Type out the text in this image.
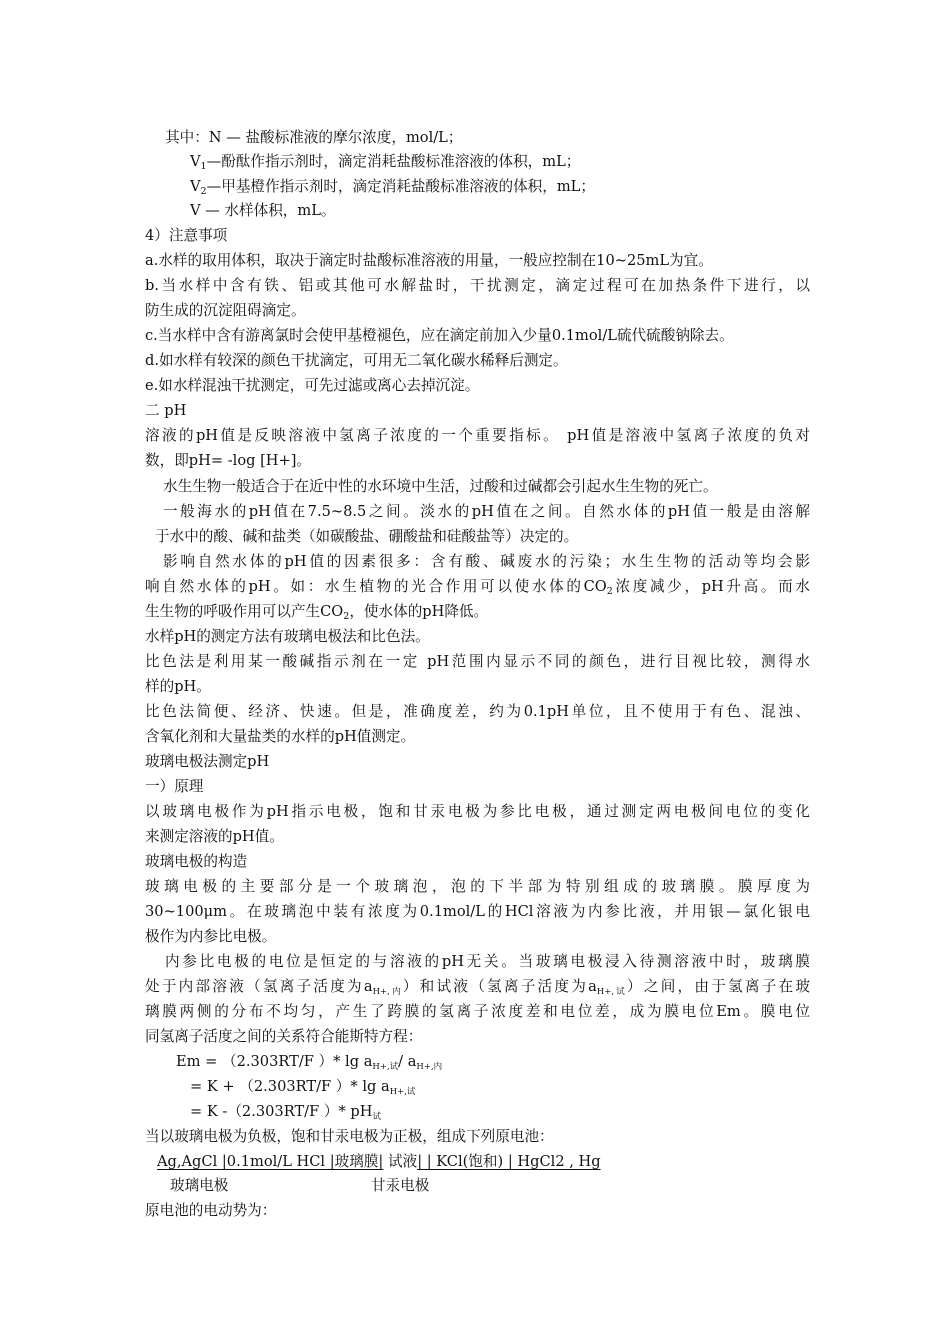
其中：N — 盐酸标准液的摩尔浓度，mol/L；
$V_1—$酚酞作指示剂时，滴定消耗盐酸标准溶液的体积，mL；
$V_2—$甲基橙作指示剂时，滴定消耗盐酸标准溶液的体积，mL；
V — 水样体积，mL。
4）注意事项
a.水样的取用体积，取决于滴定时盐酸标准溶液的用量，一般应控制在10~25mL为宜。
b.当水样中含有铁、铝或其他可水解盐时，干扰测定，滴定过程可在加热条件下进行，以
防生成的沉淀阻碍滴定。
c.当水样中含有游离氯时会使甲基橙褪色，应在滴定前加入少量0.1mol/L硫代硫酸钠除去。
d.如水样有较深的颜色干扰滴定，可用无二氧化碳水稀释后测定。
e.如水样混浊干扰测定，可先过滤或离心去掉沉淀。
二 pH
溶液的pH值是反映溶液中氢离子浓度的一个重要指标。 pH值是溶液中氢离子浓度的负对
数，即pH= -log [H+]。
水生生物一般适合于在近中性的水环境中生活，过酸和过碱都会引起水生生物的死亡。
一般海水的pH值在7.5~8.5之间。淡水的pH值在之间。自然水体的pH值一般是由溶解
于水中的酸、碱和盐类（如碳酸盐、硼酸盐和硅酸盐等）决定的。
影响自然水体的pH值的因素很多：含有酸、碱废水的污染；水生生物的活动等均会影
响自然水体的pH。如：水生植物的光合作用可以使水体的$CO_2$浓度减少，pH升高。而水
生生物的呼吸作用可以产生$CO_2$，使水体的pH降低。
水样pH的测定方法有玻璃电极法和比色法。
比色法是利用某一酸碱指示剂在一定 pH范围内显示不同的颜色，进行目视比较，测得水
样的pH。
比色法简便、经济、快速。但是，准确度差，约为0.1pH单位，且不使用于有色、混浊、
含氧化剂和大量盐类的水样的pH值测定。
玻璃电极法测定pH
一）原理
以玻璃电极作为pH指示电极，饱和甘汞电极为参比电极，通过测定两电极间电位的变化
来测定溶液的pH值。
玻璃电极的构造
玻璃电极的主要部分是一个玻璃泡，泡的下半部为特别组成的玻璃膜。膜厚度为
30~100μm。在玻璃泡中装有浓度为0.1mol/L的HCl溶液为内参比液，并用银—氯化银电
极作为内参比电极。
内参比电极的电位是恒定的与溶液的pH无关。当玻璃电极浸入待测溶液中时，玻璃膜
处于内部溶液（氢离子活度为$a_{H+,内}$）和试液（氢离子活度为$a_{H+,试}$）之间，由于氢离子在玻
璃膜两侧的分布不均匀，产生了跨膜的氢离子浓度差和电位差，成为膜电位Em。膜电位
同氢离子活度之间的关系符合能斯特方程：
Em = （2.303RT/F ）* $\lg a_{H+,试}/$ $a_{H+,内}$
= K + （2.303RT/F ）* $\lg a_{H+,试}$
= K -（2.303RT/F ）* $pH_试$
当以玻璃电极为负极，饱和甘汞电极为正极，组成下列原电池：
Ag,AgCl |0.1mol/L HCl |玻璃膜| 试液| | KCl(饱和) | HgCl2 , Hg
玻璃电极	甘汞电极
原电池的电动势为：
